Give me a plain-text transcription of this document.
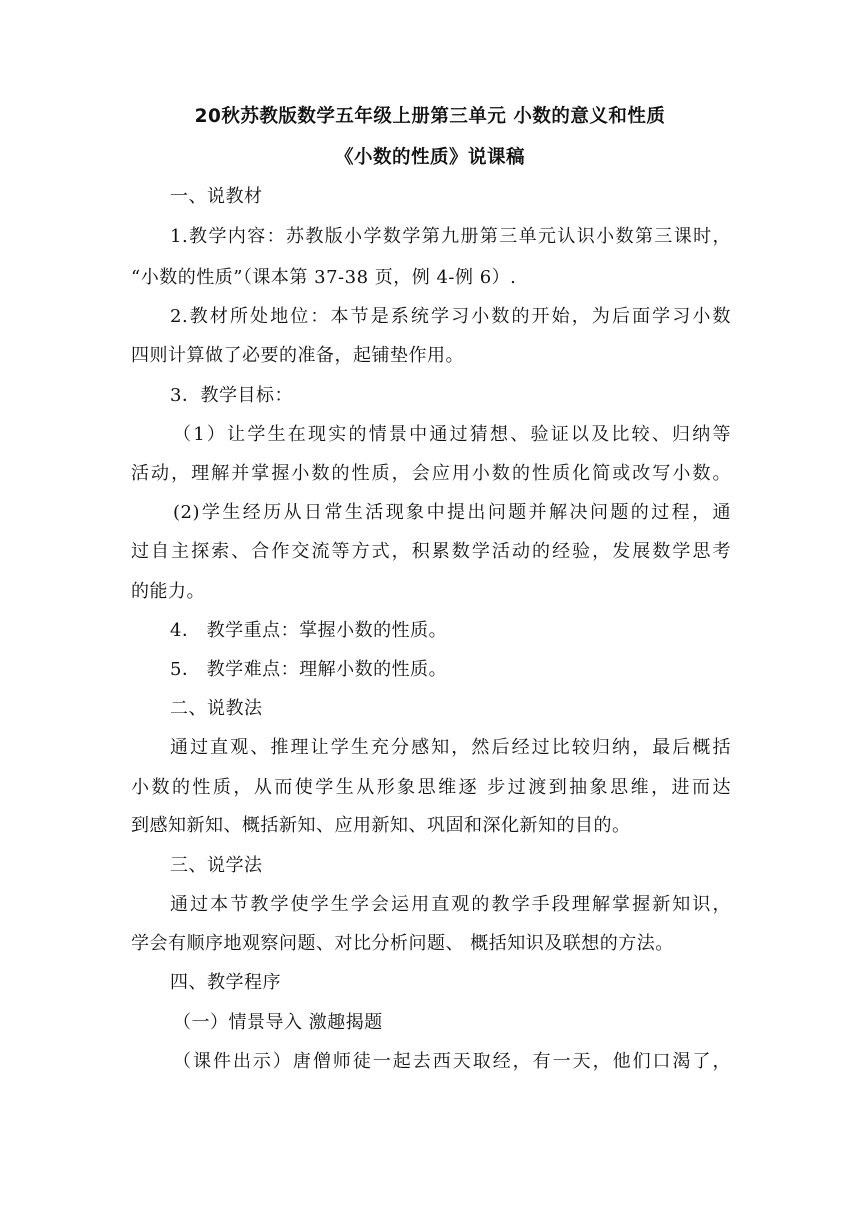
20秋苏教版数学五年级上册第三单元 小数的意义和性质
《小数的性质》说课稿
一、说教材
1.教学内容：苏教版小学数学第九册第三单元认识小数第三课时，
“小数的性质”（课本第 37-38 页，例 4-例 6）.
2.教材所处地位：本节是系统学习小数的开始，为后面学习小数
四则计算做了必要的准备，起铺垫作用。
3．教学目标：
（1）让学生在现实的情景中通过猜想、验证以及比较、归纳等
活动，理解并掌握小数的性质，会应用小数的性质化简或改写小数。
(2)学生经历从日常生活现象中提出问题并解决问题的过程，通
过自主探索、合作交流等方式，积累数学活动的经验，发展数学思考
的能力。
4． 教学重点：掌握小数的性质。
5． 教学难点：理解小数的性质。
二、说教法
通过直观、推理让学生充分感知，然后经过比较归纳，最后概括
小数的性质，从而使学生从形象思维逐 步过渡到抽象思维，进而达
到感知新知、概括新知、应用新知、巩固和深化新知的目的。
三、说学法
通过本节教学使学生学会运用直观的教学手段理解掌握新知识，
学会有顺序地观察问题、对比分析问题、 概括知识及联想的方法。
四、教学程序
（一）情景导入 激趣揭题
（课件出示）唐僧师徒一起去西天取经，有一天，他们口渴了，
